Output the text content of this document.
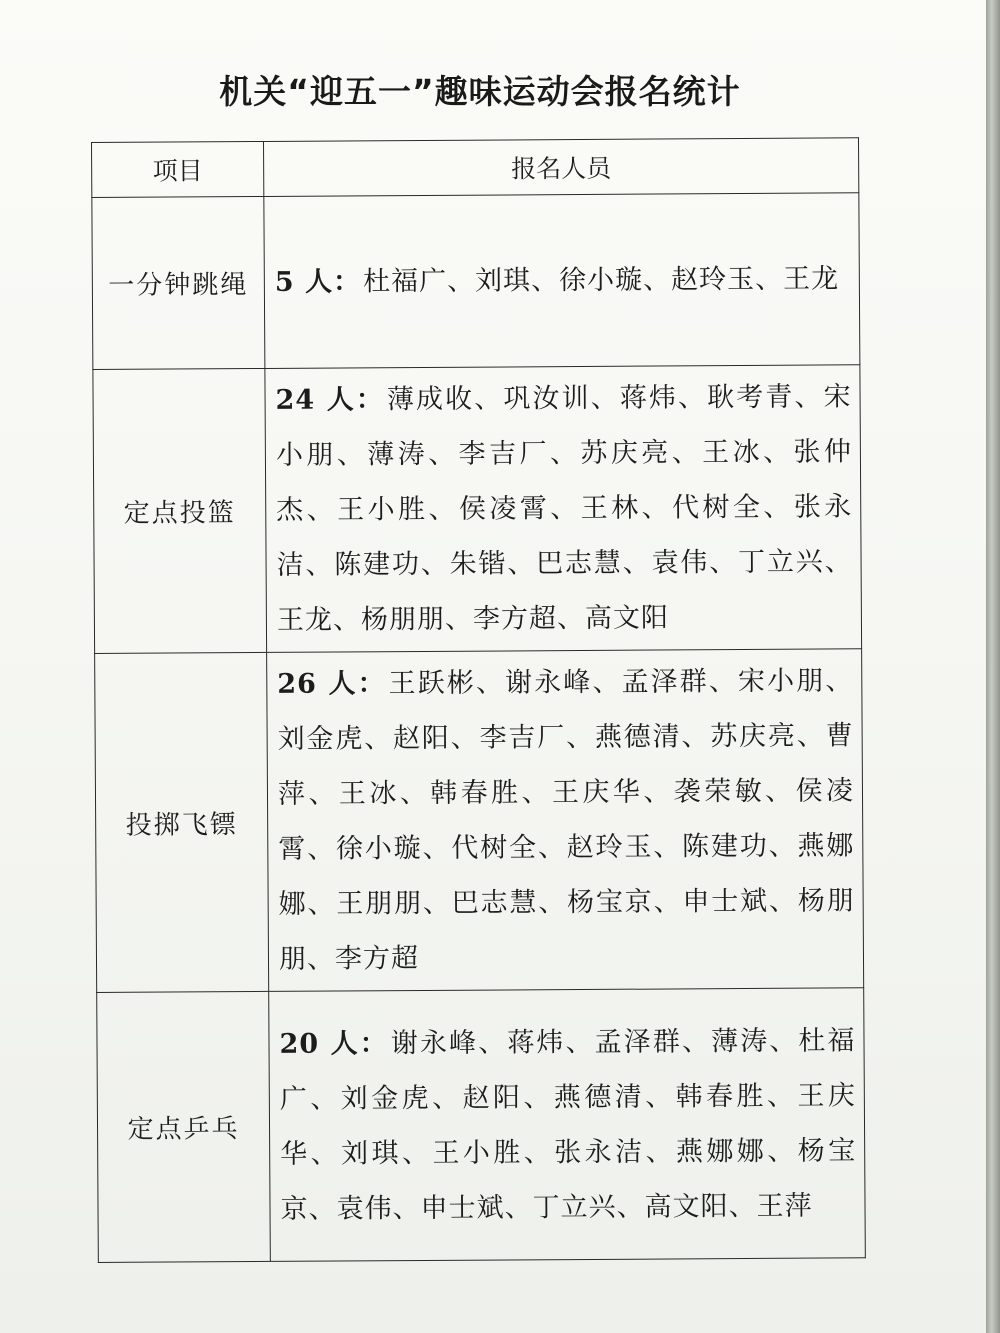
机关“迎五一”趣味运动会报名统计
项目	报名人员
一分钟跳绳	5 人：杜福广、刘琪、徐小璇、赵玲玉、王龙
定点投篮	24 人：薄成收、巩汝训、蒋炜、耿考青、宋小朋、薄涛、李吉厂、苏庆亮、王冰、张仲杰、王小胜、侯凌霄、王林、代树全、张永洁、陈建功、朱锴、巴志慧、袁伟、丁立兴、王龙、杨朋朋、李方超、高文阳
投掷飞镖	26 人：王跃彬、谢永峰、孟泽群、宋小朋、刘金虎、赵阳、李吉厂、燕德清、苏庆亮、曹萍、王冰、韩春胜、王庆华、袭荣敏、侯凌霄、徐小璇、代树全、赵玲玉、陈建功、燕娜娜、王朋朋、巴志慧、杨宝京、申士斌、杨朋朋、李方超
定点乒乓	20 人：谢永峰、蒋炜、孟泽群、薄涛、杜福广、刘金虎、赵阳、燕德清、韩春胜、王庆华、刘琪、王小胜、张永洁、燕娜娜、杨宝京、袁伟、申士斌、丁立兴、高文阳、王萍
